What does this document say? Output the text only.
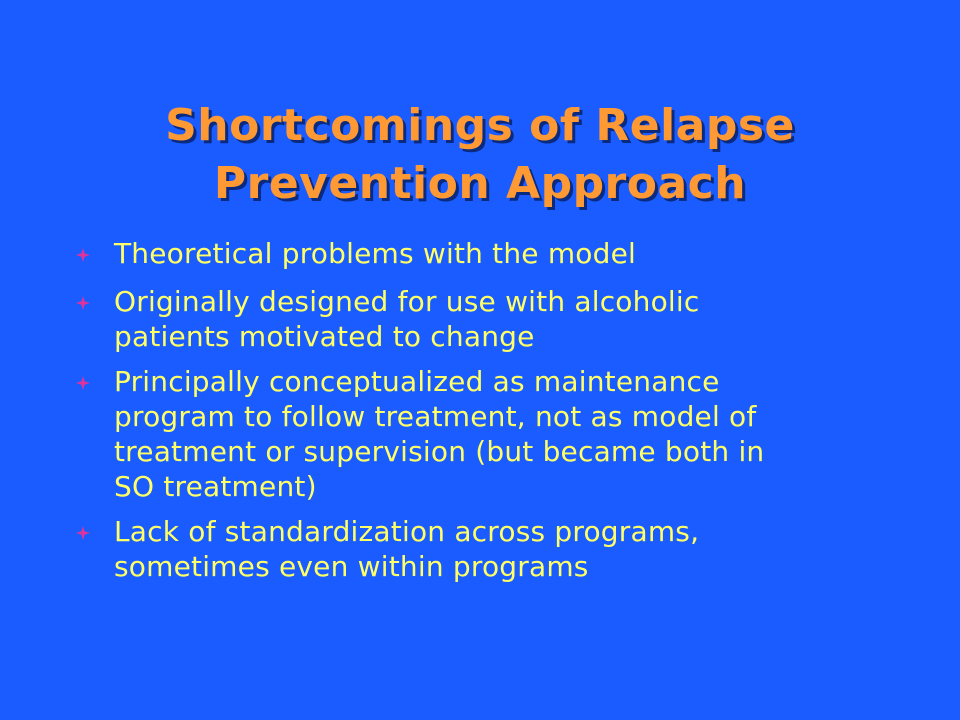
Shortcomings of Relapse
Prevention Approach
Theoretical problems with the model
Originally designed for use with alcoholic
patients motivated to change
Principally conceptualized as maintenance
program to follow treatment, not as model of
treatment or supervision (but became both in
SO treatment)
Lack of standardization across programs,
sometimes even within programs
